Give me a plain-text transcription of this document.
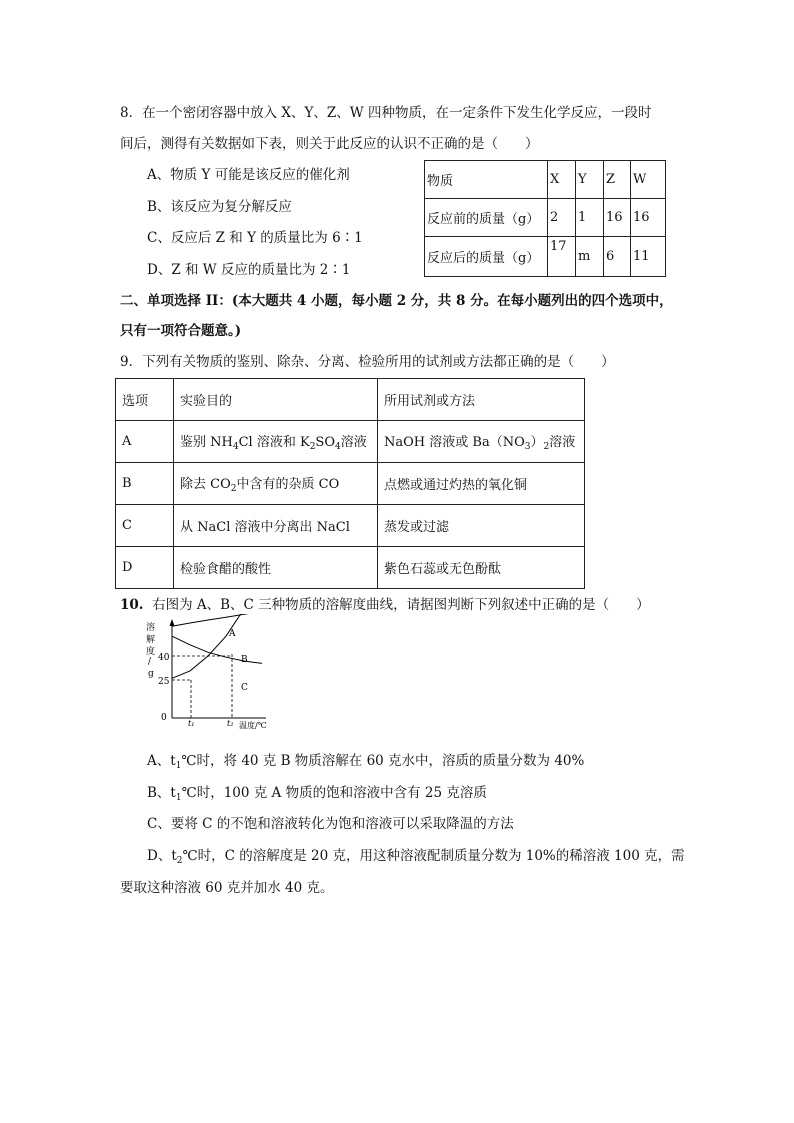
8．在一个密闭容器中放入 X、Y、Z、W 四种物质，在一定条件下发生化学反应，一段时
间后，测得有关数据如下表，则关于此反应的认识不正确的是（　　）
A、物质 Y 可能是该反应的催化剂
B、该反应为复分解反应
C、反应后 Z 和 Y 的质量比为 6∶1
D、Z 和 W 反应的质量比为 2∶1
物质	X	Y	Z	W
反应前的质量（g）	2	1	16	16
反应后的质量（g）	17	m	6	11
二、单项选择 II：(本大题共 4 小题，每小题 2 分，共 8 分。在每小题列出的四个选项中，
只有一项符合题意。)
9．下列有关物质的鉴别、除杂、分离、检验所用的试剂或方法都正确的是（　　）
选项	实验目的	所用试剂或方法
A	鉴别 $NH_4Cl$ 溶液和 $K_2SO_4$溶液	NaOH 溶液或 $Ba(NO_3)_2$溶液
B	除去 $CO_2$中含有的杂质 CO	点燃或通过灼热的氧化铜
C	从 NaCl 溶液中分离出 NaCl	蒸发或过滤
D	检验食醋的酸性	紫色石蕊或无色酚酞
10. 右图为 A、B、C 三种物质的溶解度曲线，请据图判断下列叙述中正确的是（　　）
溶
解
度
/
g
40
25
0
t₁	t₂ 温度/℃
A
B
C
A、$t_1℃$时，将 40 克 B 物质溶解在 60 克水中，溶质的质量分数为 40%
B、$t_1℃$时，100 克 A 物质的饱和溶液中含有 25 克溶质
C、要将 C 的不饱和溶液转化为饱和溶液可以采取降温的方法
D、$t_2℃$时，C 的溶解度是 20 克，用这种溶液配制质量分数为 10%的稀溶液 100 克，需
要取这种溶液 60 克并加水 40 克。
